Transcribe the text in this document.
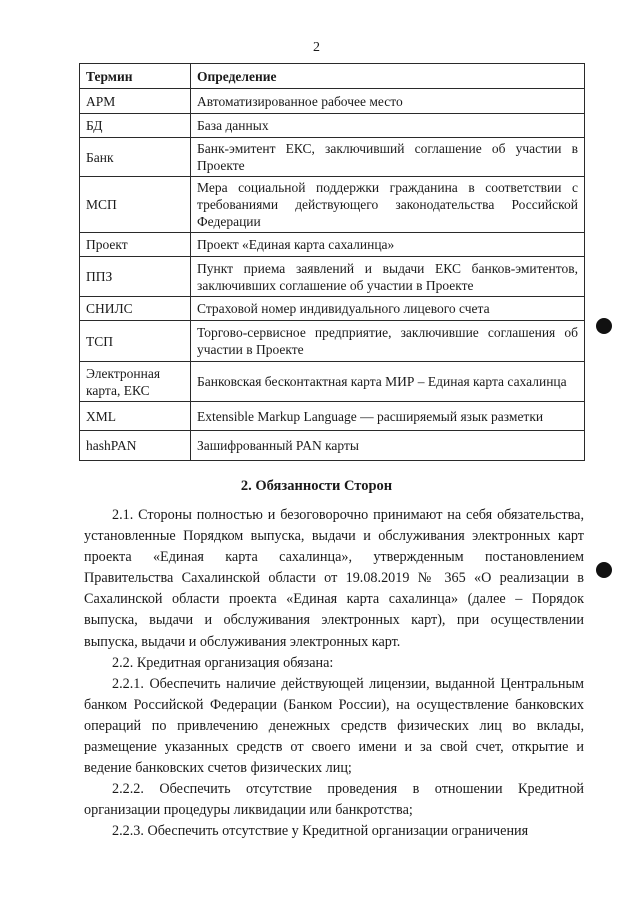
2
Термин	Определение
АРМ	Автоматизированное рабочее место
БД	База данных
Банк	Банк-эмитент ЕКС, заключивший соглашение об участии в Проекте
МСП	Мера социальной поддержки гражданина в соответствии с требованиями действующего законодательства Российской Федерации
Проект	Проект «Единая карта сахалинца»
ППЗ	Пункт приема заявлений и выдачи ЕКС банков-эмитентов, заключивших соглашение об участии в Проекте
СНИЛС	Страховой номер индивидуального лицевого счета
ТСП	Торгово-сервисное предприятие, заключившие соглашения об участии в Проекте
Электронная карта, ЕКС	Банковская бесконтактная карта МИР – Единая карта сахалинца
XML	Extensible Markup Language — расширяемый язык разметки
hashPAN	Зашифрованный PAN карты
2. Обязанности Сторон

2.1. Стороны полностью и безоговорочно принимают на себя обязательства, установленные Порядком выпуска, выдачи и обслуживания электронных карт проекта «Единая карта сахалинца», утвержденным постановлением Правительства Сахалинской области от 19.08.2019 № 365 «О реализации в Сахалинской области проекта «Единая карта сахалинца» (далее – Порядок выпуска, выдачи и обслуживания электронных карт), при осуществлении выпуска, выдачи и обслуживания электронных карт.

2.2. Кредитная организация обязана:

2.2.1. Обеспечить наличие действующей лицензии, выданной Центральным банком Российской Федерации (Банком России), на осуществление банковских операций по привлечению денежных средств физических лиц во вклады, размещение указанных средств от своего имени и за свой счет, открытие и ведение банковских счетов физических лиц;

2.2.2. Обеспечить отсутствие проведения в отношении Кредитной организации процедуры ликвидации или банкротства;

2.2.3. Обеспечить отсутствие у Кредитной организации ограничения
